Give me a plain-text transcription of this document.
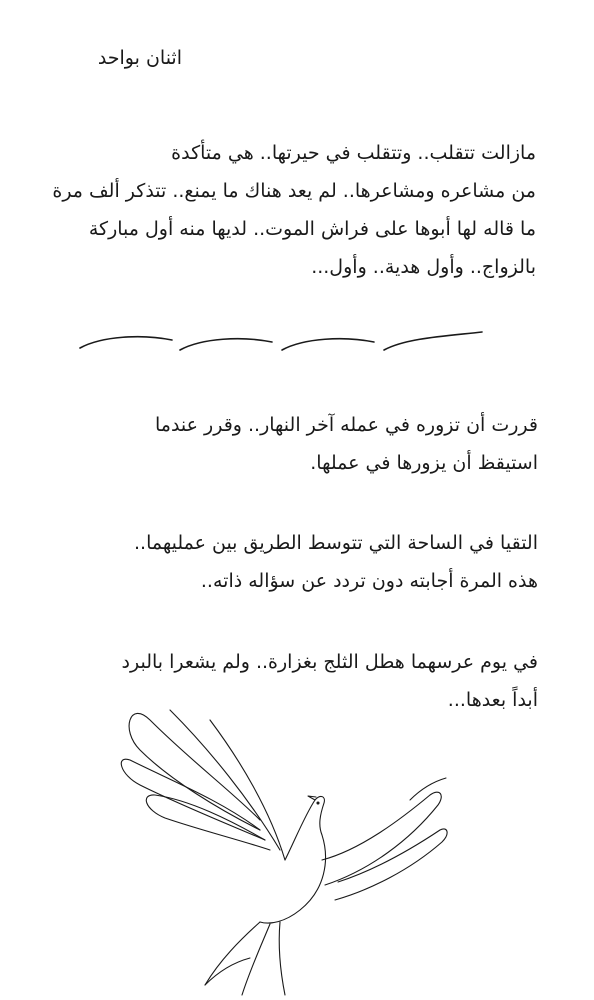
اثنان بواحد
مازالت تتقلب.. وتتقلب في حيرتها.. هي متأكدة
من مشاعره ومشاعرها.. لم يعد هناك ما يمنع.. تتذكر ألف مرة
ما قاله لها أبوها على فراش الموت.. لديها منه أول مباركة
بالزواج.. وأول هدية.. وأول...
قررت أن تزوره في عمله آخر النهار.. وقرر عندما
استيقظ أن يزورها في عملها.
التقيا في الساحة التي تتوسط الطريق بين عمليهما..
هذه المرة أجابته دون تردد عن سؤاله ذاته..
في يوم عرسهما هطل الثلج بغزارة.. ولم يشعرا بالبرد
أبداً بعدها...
